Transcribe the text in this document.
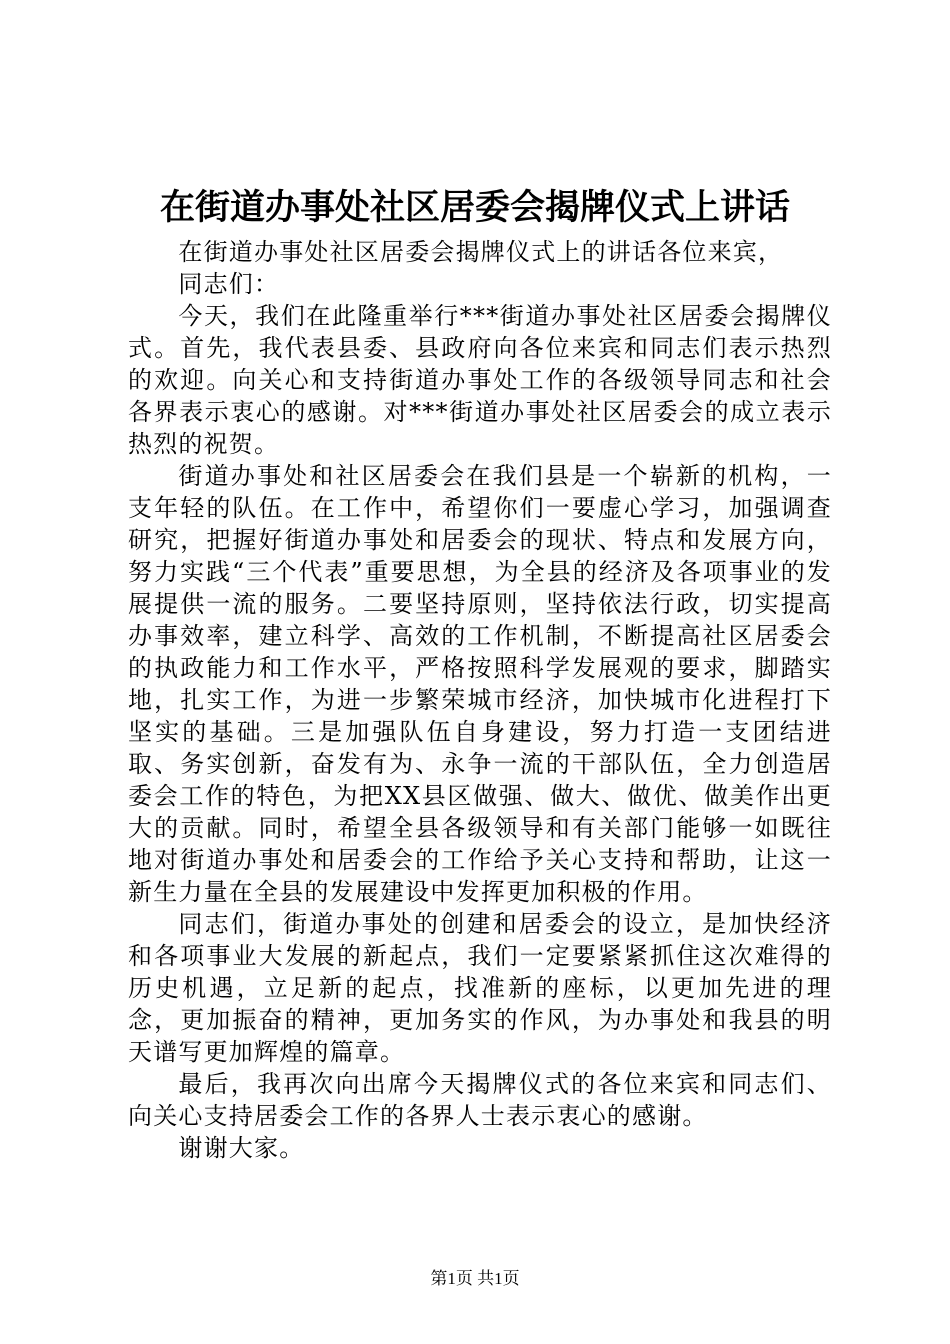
在街道办事处社区居委会揭牌仪式上讲话

在街道办事处社区居委会揭牌仪式上的讲话各位来宾，

同志们：

今天，我们在此隆重举行***街道办事处社区居委会揭牌仪式。首先，我代表县委、县政府向各位来宾和同志们表示热烈的欢迎。向关心和支持街道办事处工作的各级领导同志和社会各界表示衷心的感谢。对***街道办事处社区居委会的成立表示热烈的祝贺。

街道办事处和社区居委会在我们县是一个崭新的机构，一支年轻的队伍。在工作中，希望你们一要虚心学习，加强调查研究，把握好街道办事处和居委会的现状、特点和发展方向，努力实践“三个代表”重要思想，为全县的经济及各项事业的发展提供一流的服务。二要坚持原则，坚持依法行政，切实提高办事效率，建立科学、高效的工作机制，不断提高社区居委会的执政能力和工作水平，严格按照科学发展观的要求，脚踏实地，扎实工作，为进一步繁荣城市经济，加快城市化进程打下坚实的基础。三是加强队伍自身建设，努力打造一支团结进取、务实创新，奋发有为、永争一流的干部队伍，全力创造居委会工作的特色，为把XX县区做强、做大、做优、做美作出更大的贡献。同时，希望全县各级领导和有关部门能够一如既往地对街道办事处和居委会的工作给予关心支持和帮助，让这一新生力量在全县的发展建设中发挥更加积极的作用。

同志们，街道办事处的创建和居委会的设立，是加快经济和各项事业大发展的新起点，我们一定要紧紧抓住这次难得的历史机遇，立足新的起点，找准新的座标，以更加先进的理念，更加振奋的精神，更加务实的作风，为办事处和我县的明天谱写更加辉煌的篇章。

最后，我再次向出席今天揭牌仪式的各位来宾和同志们、向关心支持居委会工作的各界人士表示衷心的感谢。

谢谢大家。

第1页 共1页
